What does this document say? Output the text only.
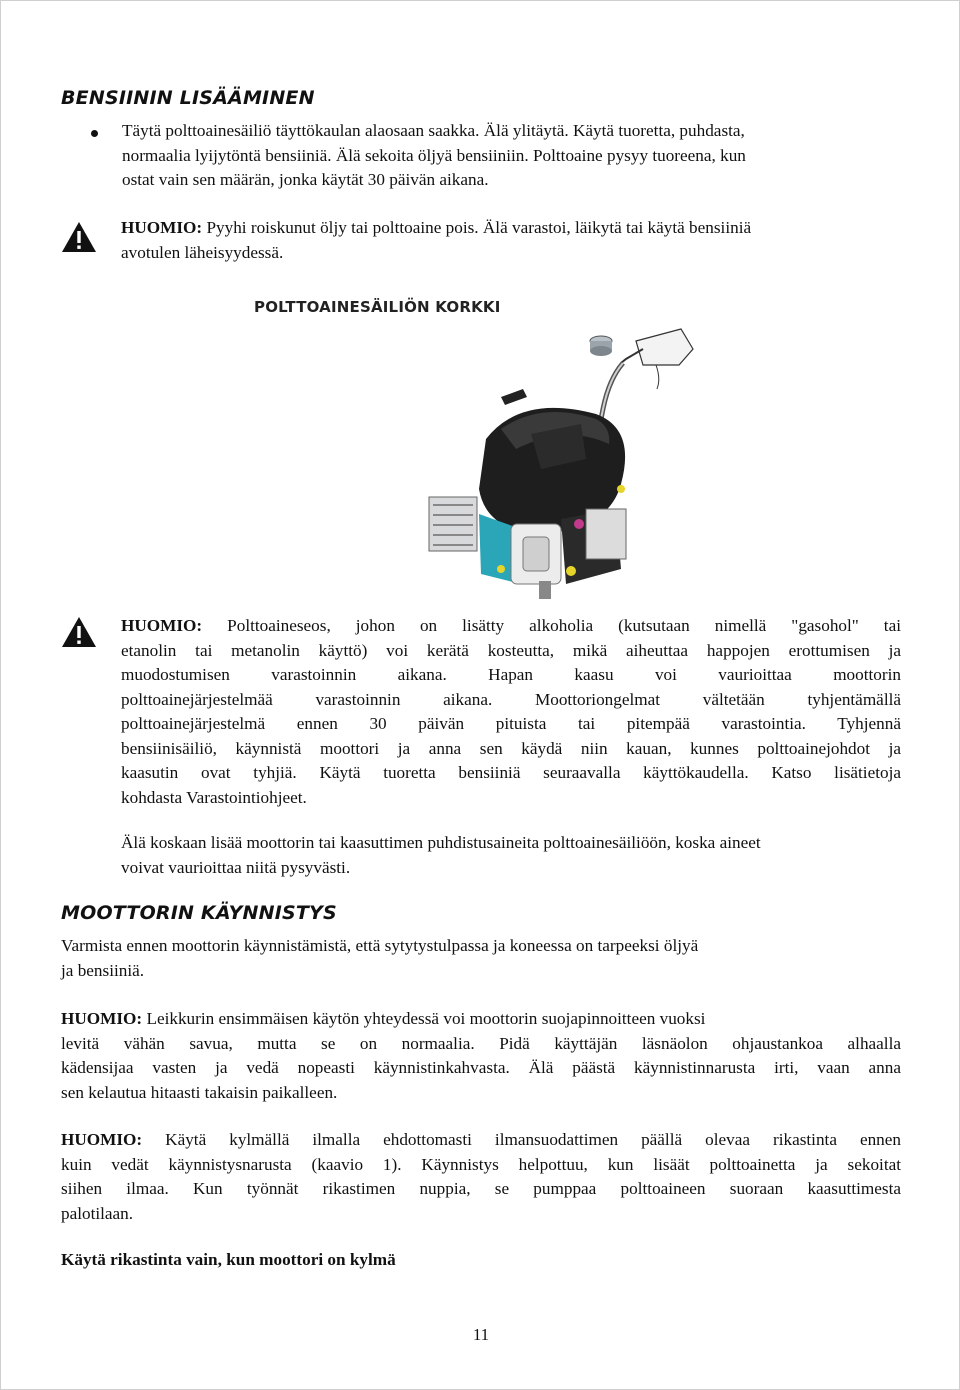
BENSIININ LISÄÄMINEN
Täytä polttoainesäiliö täyttökaulan alaosaan saakka. Älä ylitäytä. Käytä tuoretta, puhdasta,
normaalia lyijytöntä bensiiniä. Älä sekoita öljyä bensiiniin. Polttoaine pysyy tuoreena, kun
ostat vain sen määrän, jonka käytät 30 päivän aikana.
HUOMIO: Pyyhi roiskunut öljy tai polttoaine pois. Älä varastoi, läikytä tai käytä bensiiniä
avotulen läheisyydessä.
POLTTOAINESÄILIÖN KORKKI
HUOMIO: Polttoaineseos, johon on lisätty alkoholia (kutsutaan nimellä "gasohol" tai
etanolin tai metanolin käyttö) voi kerätä kosteutta, mikä aiheuttaa happojen erottumisen ja
muodostumisen varastoinnin aikana. Hapan kaasu voi vaurioittaa moottorin
polttoainejärjestelmää varastoinnin aikana. Moottoriongelmat vältetään tyhjentämällä
polttoainejärjestelmä ennen 30 päivän pituista tai pitempää varastointia. Tyhjennä
bensiinisäiliö, käynnistä moottori ja anna sen käydä niin kauan, kunnes polttoainejohdot ja
kaasutin ovat tyhjiä. Käytä tuoretta bensiiniä seuraavalla käyttökaudella. Katso lisätietoja
kohdasta Varastointiohjeet.
Älä koskaan lisää moottorin tai kaasuttimen puhdistusaineita polttoainesäiliöön, koska aineet
voivat vaurioittaa niitä pysyvästi.
MOOTTORIN KÄYNNISTYS
Varmista ennen moottorin käynnistämistä, että sytytystulpassa ja koneessa on tarpeeksi öljyä
ja bensiiniä.
HUOMIO: Leikkurin ensimmäisen käytön yhteydessä voi moottorin suojapinnoitteen vuoksi
levitä vähän savua, mutta se on normaalia. Pidä käyttäjän läsnäolon ohjaustankoa alhaalla
kädensijaa vasten ja vedä nopeasti käynnistinkahvasta. Älä päästä käynnistinnarusta irti, vaan anna
sen kelautua hitaasti takaisin paikalleen.
HUOMIO: Käytä kylmällä ilmalla ehdottomasti ilmansuodattimen päällä olevaa rikastinta ennen
kuin vedät käynnistysnarusta (kaavio 1). Käynnistys helpottuu, kun lisäät polttoainetta ja sekoitat
siihen ilmaa. Kun työnnät rikastimen nuppia, se pumppaa polttoaineen suoraan kaasuttimesta
palotilaan.
Käytä rikastinta vain, kun moottori on kylmä
11
